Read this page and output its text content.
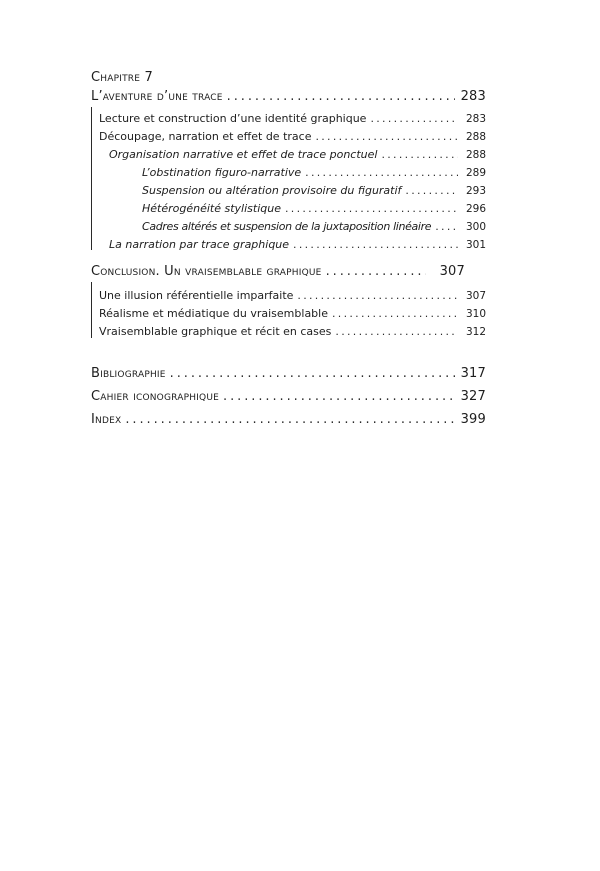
Chapitre 7
L’aventure d’une trace . . .	283
Lecture et construction d’une identité graphique . . .	283
Découpage, narration et effet de trace . . .	288
Organisation narrative et effet de trace ponctuel . . .	288
L’obstination figuro-narrative . . .	289
Suspension ou altération provisoire du figuratif . . .	293
Hétérogénéité stylistique . . .	296
Cadres altérés et suspension de la juxtaposition linéaire . . .	300
La narration par trace graphique . . .	301
Conclusion. Un vraisemblable graphique . . .	307
Une illusion référentielle imparfaite . . .	307
Réalisme et médiatique du vraisemblable . . .	310
Vraisemblable graphique et récit en cases . . .	312
Bibliographie . . .	317
Cahier iconographique . . .	327
Index . . .	399
